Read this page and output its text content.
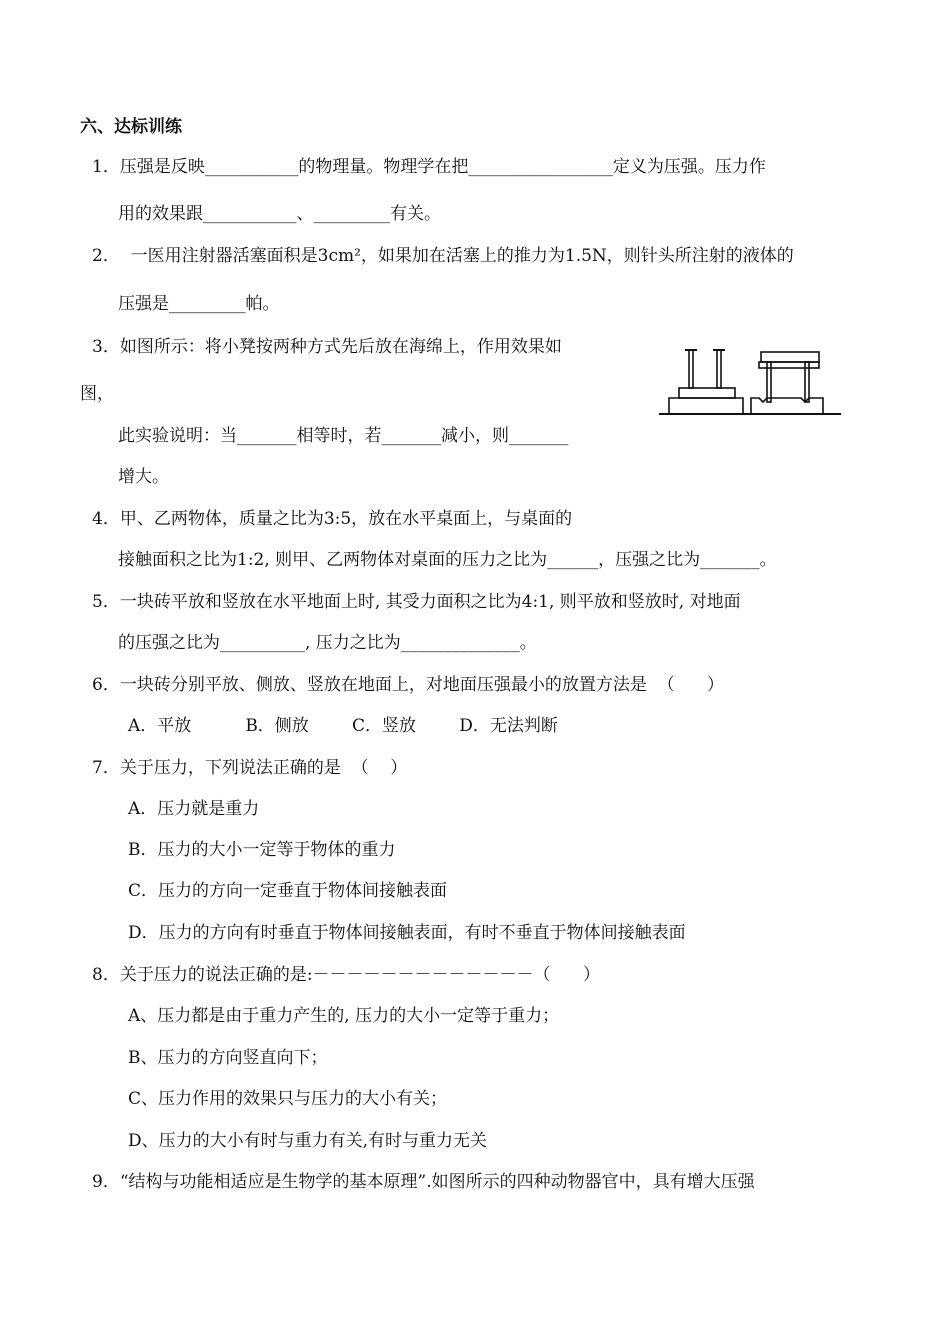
六、达标训练
1．压强是反映___________的物理量。物理学在把_________________定义为压强。压力作
用的效果跟___________、_________有关。
2．  一医用注射器活塞面积是3cm²，如果加在活塞上的推力为1.5N，则针头所注射的液体的
压强是_________帕。
3．如图所示：将小凳按两种方式先后放在海绵上，作用效果如
图，
此实验说明：当_______相等时，若_______减小，则_______
增大。
4．甲、乙两物体，质量之比为3:5，放在水平桌面上，与桌面的
接触面积之比为1:2, 则甲、乙两物体对桌面的压力之比为______，压强之比为_______。
5．一块砖平放和竖放在水平地面上时, 其受力面积之比为4:1, 则平放和竖放时, 对地面
的压强之比为__________, 压力之比为______________。
6．一块砖分别平放、侧放、竖放在地面上，对地面压强最小的放置方法是  （      ）
A．平放          B．侧放        C．竖放        D．无法判断
7．关于压力，下列说法正确的是  （    ）
A．压力就是重力
B．压力的大小一定等于物体的重力
C．压力的方向一定垂直于物体间接触表面
D．压力的方向有时垂直于物体间接触表面，有时不垂直于物体间接触表面
8．关于压力的说法正确的是:－－－－－－－－－－－－－（      ）
A、压力都是由于重力产生的, 压力的大小一定等于重力；
B、压力的方向竖直向下；
C、压力作用的效果只与压力的大小有关；
D、压力的大小有时与重力有关,有时与重力无关
9．“结构与功能相适应是生物学的基本原理”.如图所示的四种动物器官中，具有增大压强
